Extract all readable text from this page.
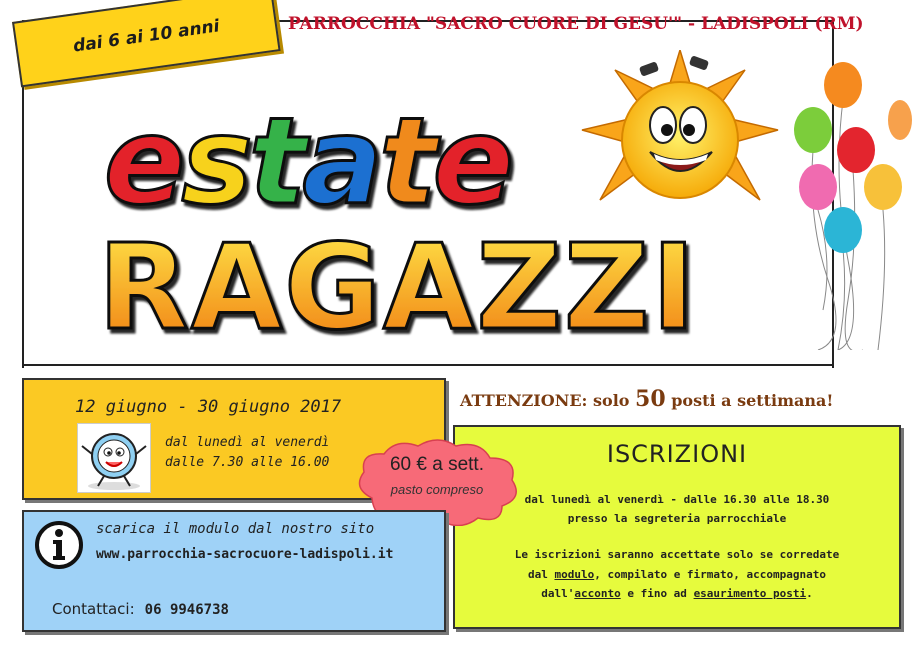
PARROCCHIA "SACRO CUORE DI GESU'" - LADISPOLI (RM)
dai 6 ai 10 anni
estate
RAGAZZI
12 giugno - 30 giugno 2017
dal lunedì al venerdì
dalle 7.30 alle 16.00
ATTENZIONE: solo 50 posti a settimana!
ISCRIZIONI
dal lunedì al venerdì - dalle 16.30 alle 18.30
presso la segreteria parrocchiale
Le iscrizioni saranno accettate solo se corredate
dal modulo, compilato e firmato, accompagnato
dall'acconto e fino ad esaurimento posti.
60 € a sett.
pasto compreso
scarica il modulo dal nostro sito
www.parrocchia-sacrocuore-ladispoli.it
Contattaci: 06 9946738
